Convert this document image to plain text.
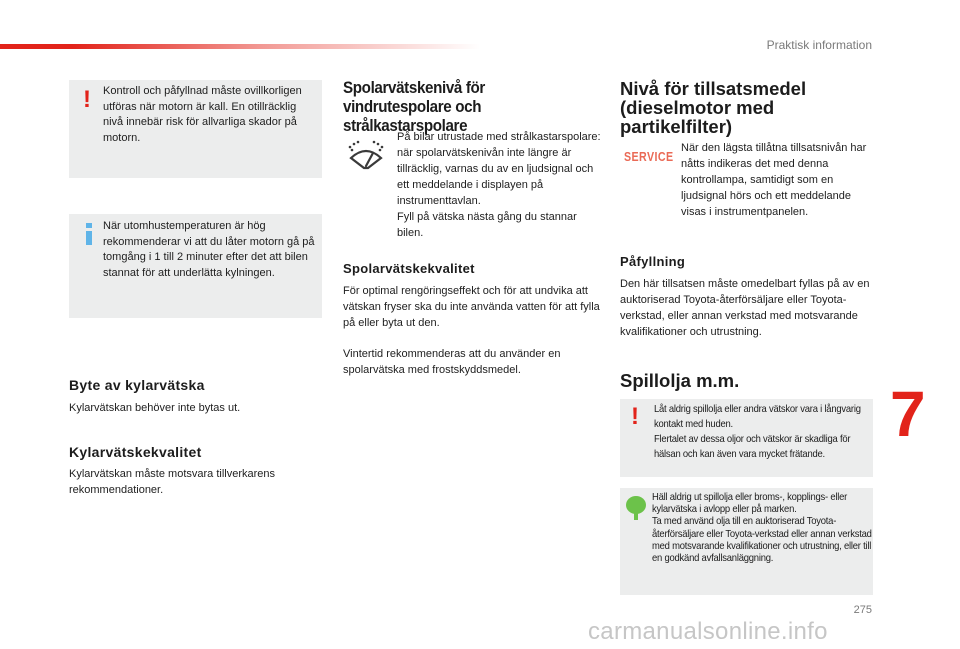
Praktisk information
! Kontroll och påfyllnad måste ovillkorligen utföras när motorn är kall. En otillräcklig nivå innebär risk för allvarliga skador på motorn.

När utomhustemperaturen är hög rekommenderar vi att du låter motorn gå på tomgång i 1 till 2 minuter efter det att bilen stannat för att underlätta kylningen.

Byte av kylarvätska

Kylarvätskan behöver inte bytas ut.

Kylarvätskekvalitet

Kylarvätskan måste motsvara tillverkarens rekommendationer.

Spolarvätskenivå för vindrutespolare och strålkastarspolare

På bilar utrustade med strålkastarspolare: när spolarvätskenivån inte längre är tillräcklig, varnas du av en ljudsignal och ett meddelande i displayen på instrumenttavlan.
Fyll på vätska nästa gång du stannar bilen.

Spolarvätskekvalitet

För optimal rengöringseffekt och för att undvika att vätskan fryser ska du inte använda vatten för att fylla på eller byta ut den.

Vintertid rekommenderas att du använder en spolarvätska med frostskyddsmedel.

Nivå för tillsatsmedel (dieselmotor med partikelfilter)
SERVICE

När den lägsta tillåtna tillsatsnivån har nåtts indikeras det med denna kontrollampa, samtidigt som en ljudsignal hörs och ett meddelande visas i instrumentpanelen.

Påfyllning

Den här tillsatsen måste omedelbart fyllas på av en auktoriserad Toyota-återförsäljare eller Toyota-verkstad, eller annan verkstad med motsvarande kvalifikationer och utrustning.

Spillolja m.m.
! Låt aldrig spillolja eller andra vätskor vara i långvarig kontakt med huden.
Flertalet av dessa oljor och vätskor är skadliga för hälsan och kan även vara mycket frätande.

Häll aldrig ut spillolja eller broms-, kopplings- eller kylarvätska i avlopp eller på marken.
Ta med använd olja till en auktoriserad Toyota-återförsäljare eller Toyota-verkstad eller annan verkstad med motsvarande kvalifikationer och utrustning, eller till en godkänd avfallsanläggning.

7
275
carmanualsonline.info
